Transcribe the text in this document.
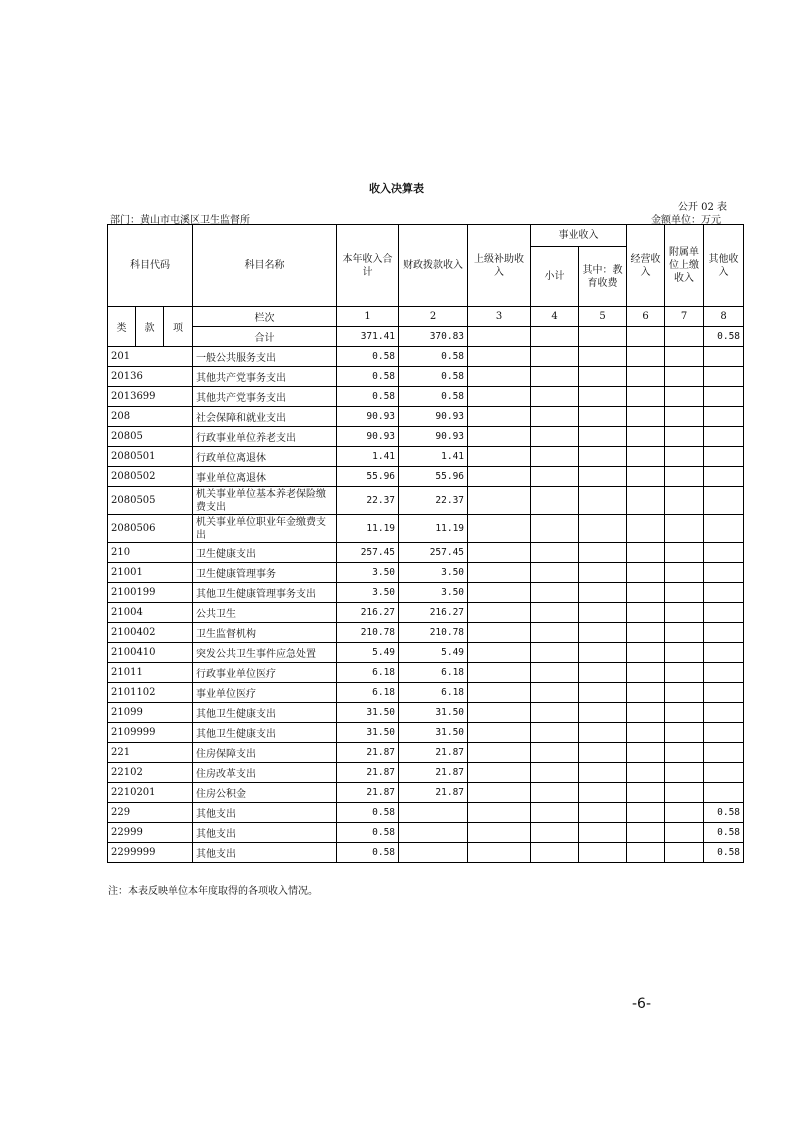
收入决算表
公开 02 表
部门：黄山市屯溪区卫生监督所	金额单位：万元
科目代码			科目名称	本年收入合计	财政拨款收入	上级补助收入	事业收入		经营收入	附属单位上缴收入	其他收入
							小计	其中：教育收费			

类	款	项	栏次	1	2	3	4	5	6	7	8
			合计	371.41	370.83						0.58
201			一般公共服务支出	0.58	0.58						
20136			其他共产党事务支出	0.58	0.58						
2013699			其他共产党事务支出	0.58	0.58						
208			社会保障和就业支出	90.93	90.93						
20805			行政事业单位养老支出	90.93	90.93						
2080501			行政单位离退休	1.41	1.41						
2080502			事业单位离退休	55.96	55.96						
2080505			机关事业单位基本养老保险缴费支出	22.37	22.37						
2080506			机关事业单位职业年金缴费支出	11.19	11.19						
210			卫生健康支出	257.45	257.45						
21001			卫生健康管理事务	3.50	3.50						
2100199			其他卫生健康管理事务支出	3.50	3.50						
21004			公共卫生	216.27	216.27						
2100402			卫生监督机构	210.78	210.78						
2100410			突发公共卫生事件应急处置	5.49	5.49						
21011			行政事业单位医疗	6.18	6.18						
2101102			事业单位医疗	6.18	6.18						
21099			其他卫生健康支出	31.50	31.50						
2109999			其他卫生健康支出	31.50	31.50						
221			住房保障支出	21.87	21.87						
22102			住房改革支出	21.87	21.87						
2210201			住房公积金	21.87	21.87						
229			其他支出	0.58							0.58
22999			其他支出	0.58							0.58
2299999			其他支出	0.58							0.58
注：本表反映单位本年度取得的各项收入情况。
-6-
